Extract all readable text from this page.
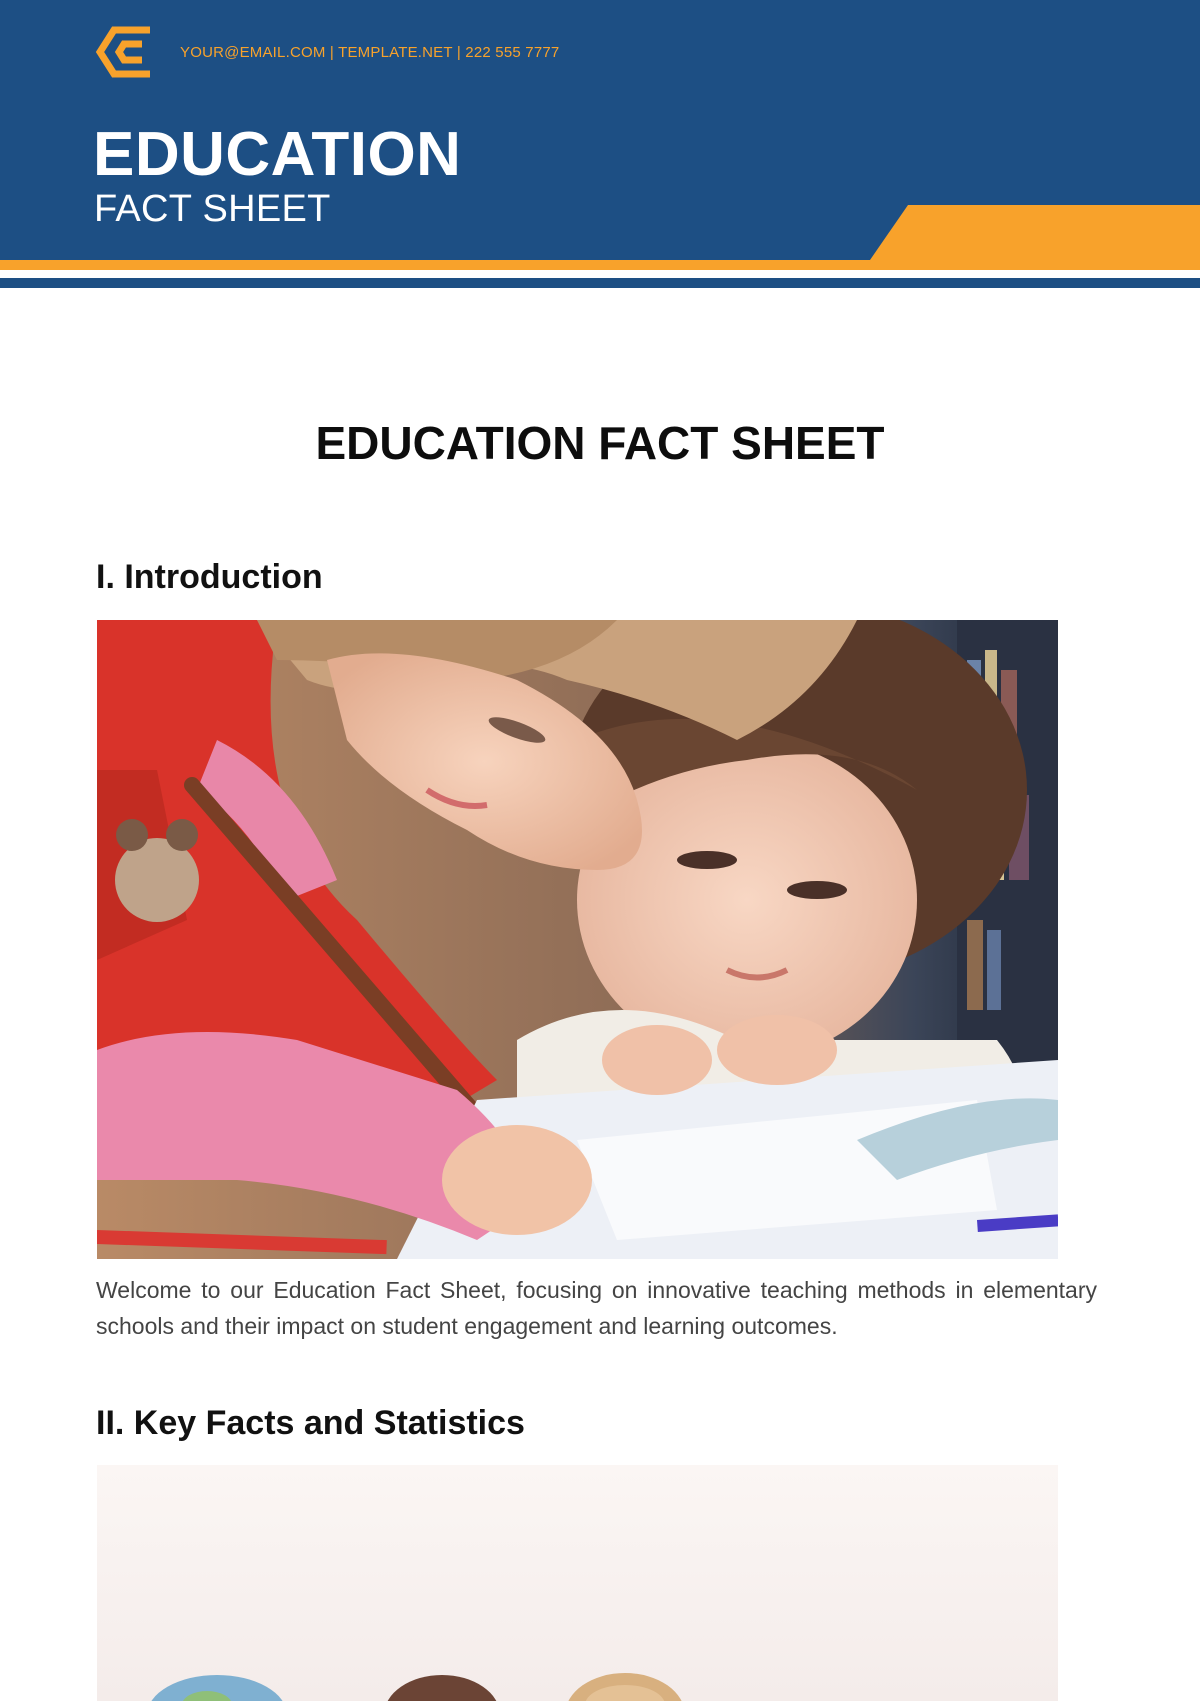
YOUR@EMAIL.COM | TEMPLATE.NET | 222 555 7777
EDUCATION
FACT SHEET
EDUCATION FACT SHEET
I. Introduction
Welcome to our Education Fact Sheet, focusing on innovative teaching methods in elementary schools and their impact on student engagement and learning outcomes.
II. Key Facts and Statistics
